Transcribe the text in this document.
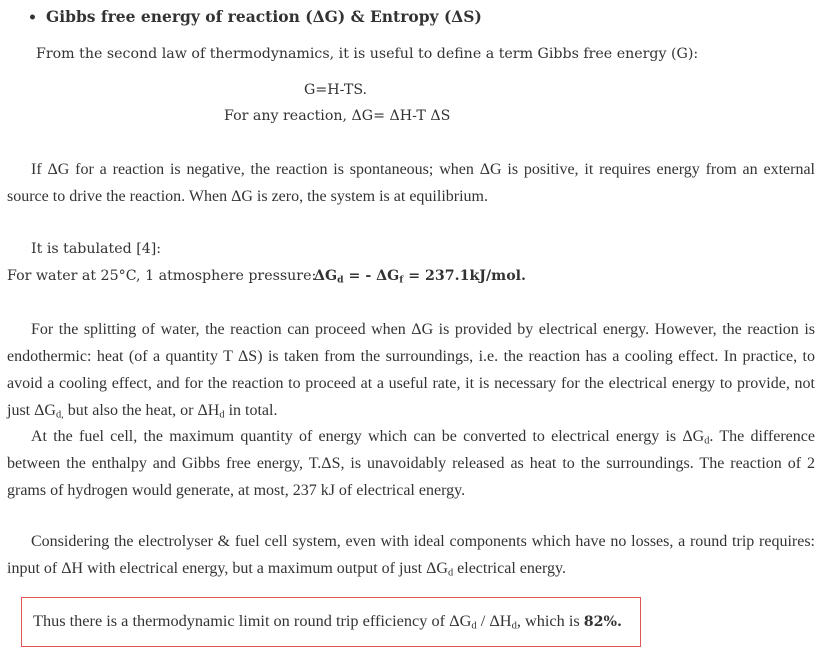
• Gibbs free energy of reaction (ΔG) & Entropy (ΔS)
From the second law of thermodynamics, it is useful to define a term Gibbs free energy (G):
G=H-TS.
For any reaction, ΔG= ΔH-T ΔS
If ΔG for a reaction is negative, the reaction is spontaneous; when ΔG is positive, it requires energy from an external source to drive the reaction. When ΔG is zero, the system is at equilibrium.
It is tabulated [4]:
For water at 25°C, 1 atmosphere pressure:
$\Delta G_d$ = - $\Delta G_f = 237.1kJ/mol$.
For the splitting of water, the reaction can proceed when ΔG is provided by electrical energy. However, the reaction is endothermic: heat (of a quantity T ΔS) is taken from the surroundings, i.e. the reaction has a cooling effect. In practice, to avoid a cooling effect, and for the reaction to proceed at a useful rate, it is necessary for the electrical energy to provide, not just $\Delta G_{d,}$ but also the heat, or $\Delta H_d$ in total.
At the fuel cell, the maximum quantity of energy which can be converted to electrical energy is $\Delta G_d$. The difference between the enthalpy and Gibbs free energy, T.ΔS, is unavoidably released as heat to the surroundings. The reaction of 2 grams of hydrogen would generate, at most, 237 kJ of electrical energy.
Considering the electrolyser & fuel cell system, even with ideal components which have no losses, a round trip requires: input of ΔH with electrical energy, but a maximum output of just $\Delta G_d$ electrical energy.
Thus there is a thermodynamic limit on round trip efficiency of $\Delta G_d / \Delta H_d$, which is 82%.
